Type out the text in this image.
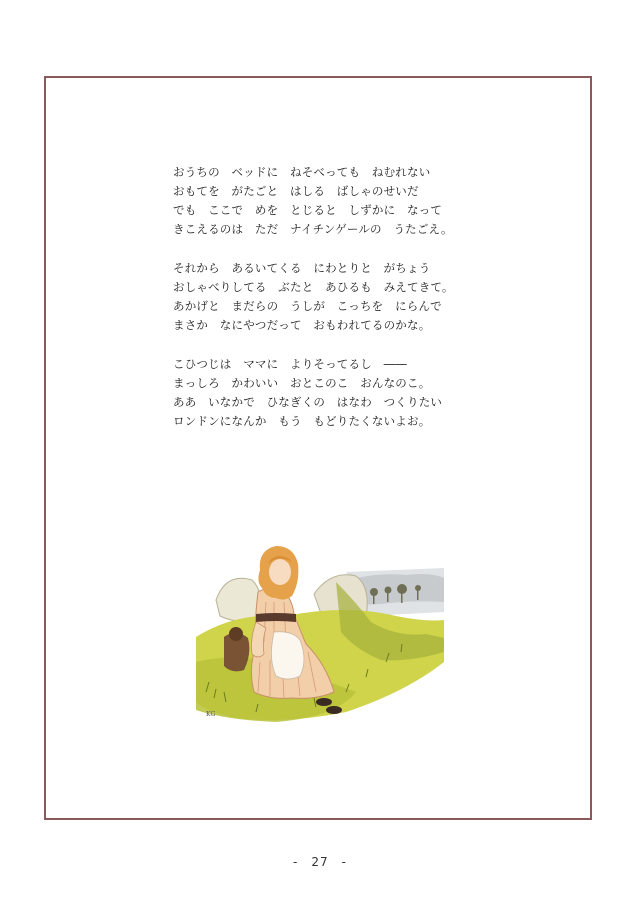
おうちの　ベッドに　ねそべっても　ねむれない
おもてを　がたごと　はしる　ばしゃのせいだ
でも　ここで　めを　とじると　しずかに　なって
きこえるのは　ただ　ナイチンゲールの　うたごえ。
それから　あるいてくる　にわとりと　がちょう
おしゃべりしてる　ぶたと　あひるも　みえてきて。
あかげと　まだらの　うしが　こっちを　にらんで
まさか　なにやつだって　おもわれてるのかな。
こひつじは　ママに　よりそってるし　――
まっしろ　かわいい　おとこのこ　おんなのこ。
ああ　いなかで　ひなぎくの　はなわ　つくりたい
ロンドンになんか　もう　もどりたくないよお。
KG
-　27　-
